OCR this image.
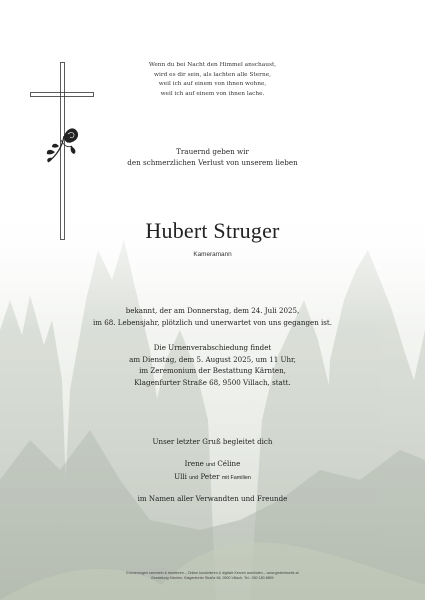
Wenn du bei Nacht den Himmel anschaust,
wird es dir sein, als lachten alle Sterne,
weil ich auf einem von ihnen wohne,
weil ich auf einem von ihnen lache.
Trauernd geben wir
den schmerzlichen Verlust von unserem lieben
Hubert Struger
Kameramann
bekannt, der am Donnerstag, dem 24. Juli 2025,
im 68. Lebensjahr, plötzlich und unerwartet von uns gegangen ist.
Die Urnenverabschiedung findet
am Dienstag, dem 5. August 2025, um 11 Uhr,
im Zeremonium der Bestattung Kärnten,
Klagenfurter Straße 68, 9500 Villach, statt.
Unser letzter Gruß begleitet dich
Irene und Céline
Ulli und Peter mit Familien
im Namen aller Verwandten und Freunde
Erinnerungen sammeln & bewahren – Online kondolieren & digitale Kerzen anzünden – www.gedenkseite.at
Bestattung Kärnten, Klagenfurter Straße 68, 9500 Villach, Tel.: 050 180 8899
